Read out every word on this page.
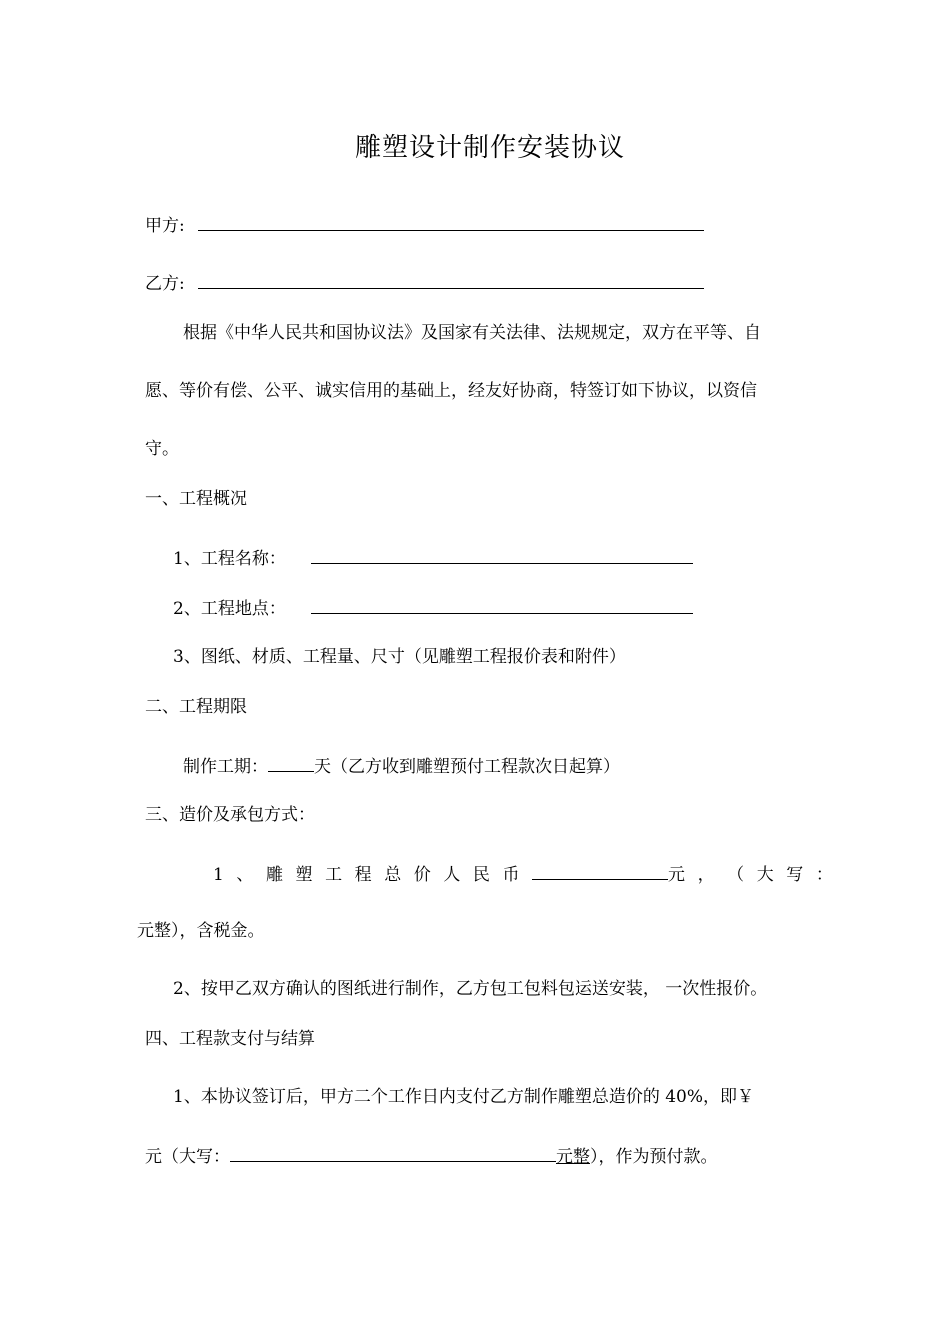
雕塑设计制作安装协议
甲方:
乙方:
根据《中华人民共和国协议法》及国家有关法律、法规规定，双方在平等、自
愿、等价有偿、公平、诚实信用的基础上，经友好协商，特签订如下协议，以资信
守。
一、工程概况
1、工程名称：
2、工程地点：
3、图纸、材质、工程量、尺寸（见雕塑工程报价表和附件）
二、工程期限
制作工期：	天（乙方收到雕塑预付工程款次日起算）
三、造价及承包方式：
1 、 雕 塑 工 程 总 价 人 民 币	元 ， （ 大 写 ：
元整），含税金。
2、按甲乙双方确认的图纸进行制作，乙方包工包料包运送安装， 一次性报价。
四、工程款支付与结算
1、本协议签订后，甲方二个工作日内支付乙方制作雕塑总造价的 40%，即￥
元（大写：	元整），作为预付款。
